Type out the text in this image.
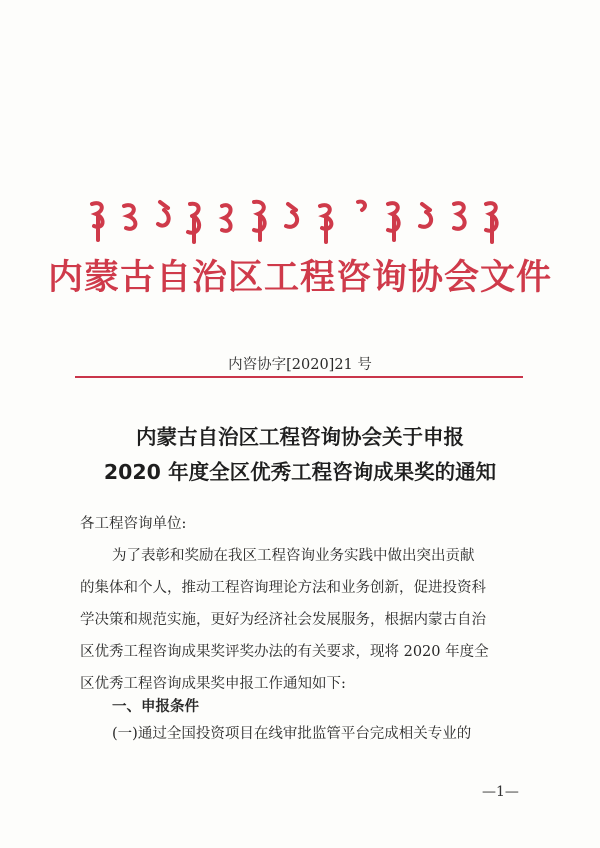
内蒙古自治区工程咨询协会文件
内咨协字[2020]21 号
内蒙古自治区工程咨询协会关于申报
2020 年度全区优秀工程咨询成果奖的通知
各工程咨询单位:
为了表彰和奖励在我区工程咨询业务实践中做出突出贡献
的集体和个人，推动工程咨询理论方法和业务创新，促进投资科
学决策和规范实施，更好为经济社会发展服务，根据内蒙古自治
区优秀工程咨询成果奖评奖办法的有关要求，现将 2020 年度全
区优秀工程咨询成果奖申报工作通知如下:
一、申报条件
(一)通过全国投资项目在线审批监管平台完成相关专业的
—1—
